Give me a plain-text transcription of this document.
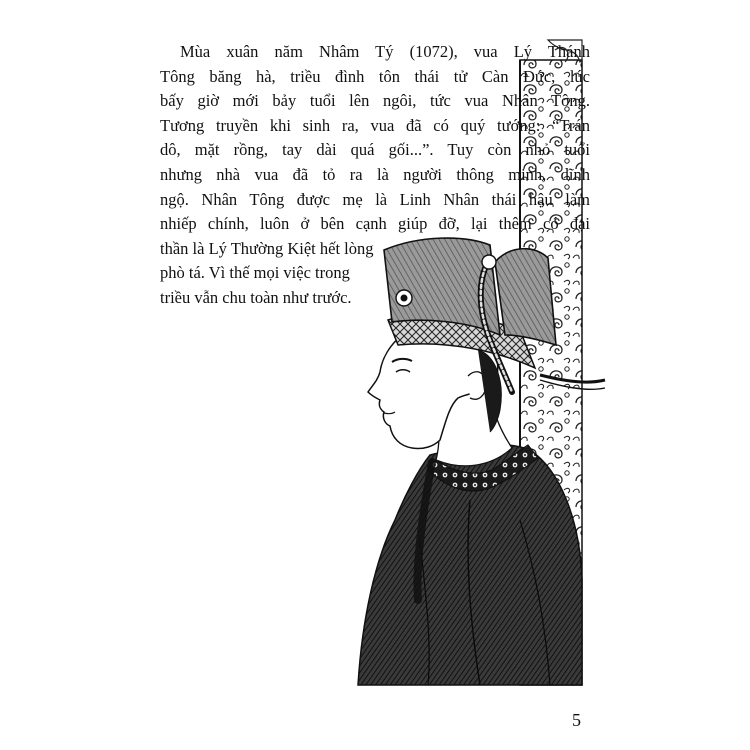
Mùa xuân năm Nhâm Tý (1072), vua Lý Thánh
Tông băng hà, triều đình tôn thái tử Càn Đức, lúc
bấy giờ mới bảy tuổi lên ngôi, tức vua Nhân Tông.
Tương truyền khi sinh ra, vua đã có quý tướng: “Trán
dô, mặt rồng, tay dài quá gối...”. Tuy còn nhỏ tuổi
nhưng nhà vua đã tỏ ra là người thông minh, dĩnh
ngộ. Nhân Tông được mẹ là Linh Nhân thái hậu làm
nhiếp chính, luôn ở bên cạnh giúp đỡ, lại thêm có đại
thần là Lý Thường Kiệt hết lòng
phò tá. Vì thế mọi việc trong
triều vẫn chu toàn như trước.
5
